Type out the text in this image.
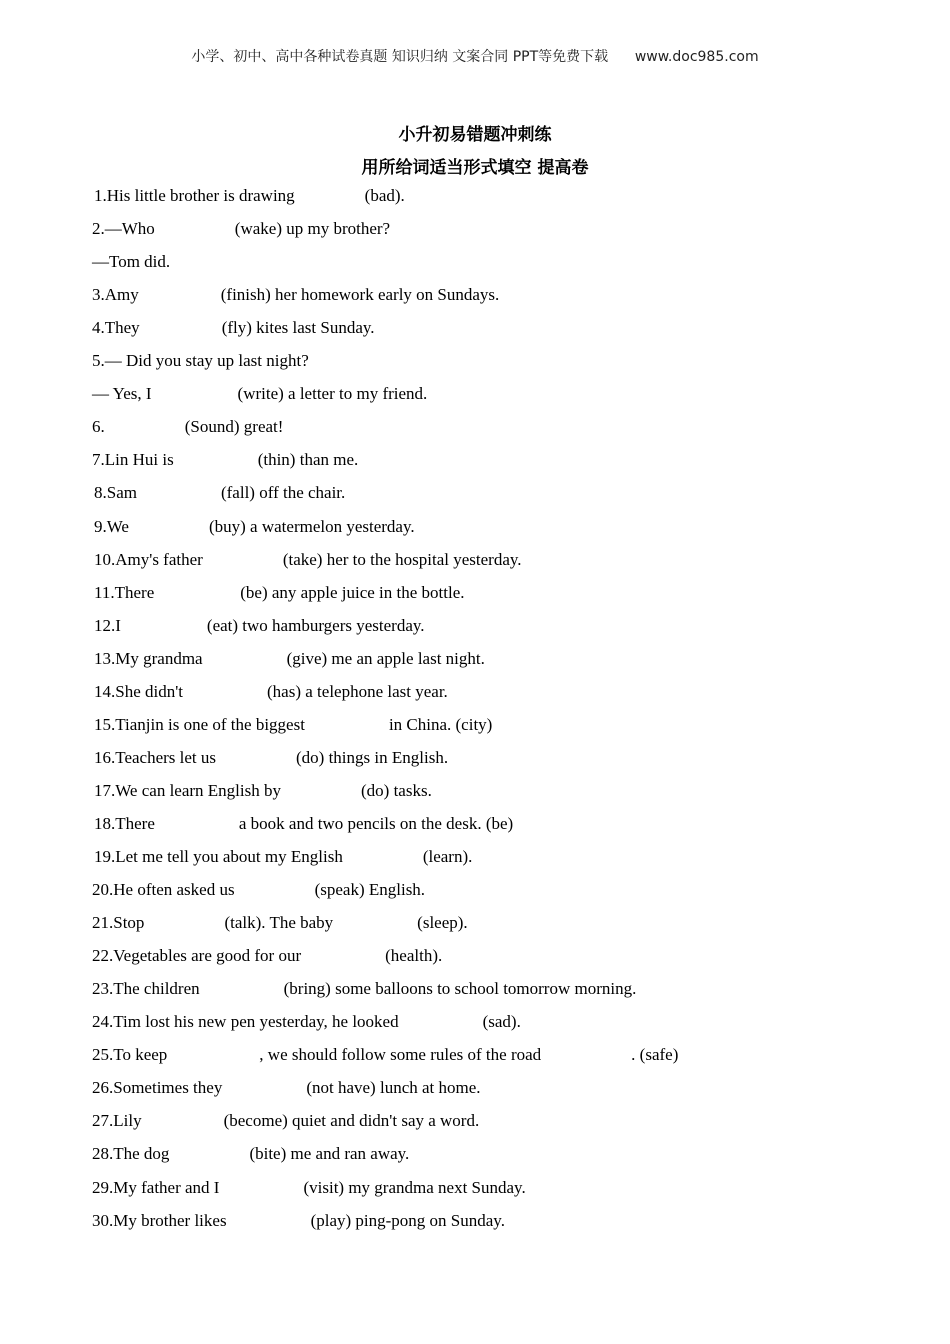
小学、初中、高中各种试卷真题 知识归纳 文案合同 PPT等免费下载      www.doc985.com
小升初易错题冲刺练
用所给词适当形式填空 提高卷
1.His little brother is drawing	(bad).
2.—Who	(wake) up my brother?
—Tom did.
3.Amy	(finish) her homework early on Sundays.
4.They	(fly) kites last Sunday.
5.— Did you stay up last night?
— Yes, I	(write) a letter to my friend.
6.	(Sound) great!
7.Lin Hui is	(thin) than me.
8.Sam	(fall) off the chair.
9.We	(buy) a watermelon yesterday.
10.Amy's father	(take) her to the hospital yesterday.
11.There	(be) any apple juice in the bottle.
12.I	(eat) two hamburgers yesterday.
13.My grandma	(give) me an apple last night.
14.She didn't	(has) a telephone last year.
15.Tianjin is one of the biggest	in China. (city)
16.Teachers let us	(do) things in English.
17.We can learn English by	(do) tasks.
18.There	a book and two pencils on the desk. (be)
19.Let me tell you about my English	(learn).
20.He often asked us	(speak) English.
21.Stop	(talk). The baby	(sleep).
22.Vegetables are good for our	(health).
23.The children	(bring) some balloons to school tomorrow morning.
24.Tim lost his new pen yesterday, he looked	(sad).
25.To keep	, we should follow some rules of the road	. (safe)
26.Sometimes they	(not have) lunch at home.
27.Lily	(become) quiet and didn't say a word.
28.The dog	(bite) me and ran away.
29.My father and I	(visit) my grandma next Sunday.
30.My brother likes	(play) ping-pong on Sunday.
